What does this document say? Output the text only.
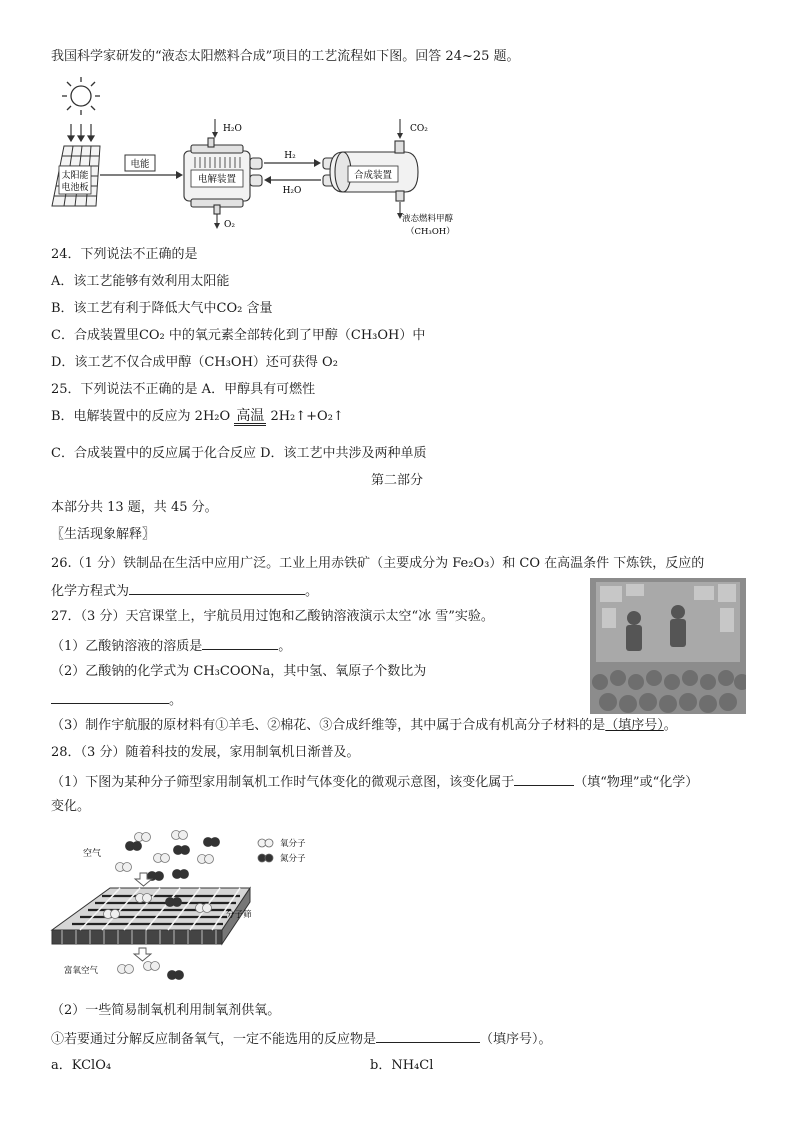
我国科学家研发的“液态太阳燃料合成”项目的工艺流程如下图。回答 24~25 题。
太阳能
电池板
电能
电解装置
H₂O
O₂
H₂
H₂O
合成装置
CO₂
液态燃料甲醇
（CH₃OH）
24．下列说法不正确的是
A．该工艺能够有效利用太阳能
B．该工艺有利于降低大气中CO₂ 含量
C．合成装置里CO₂ 中的氧元素全部转化到了甲醇（CH₃OH）中
D．该工艺不仅合成甲醇（CH₃OH）还可获得 O₂
25．下列说法不正确的是 A．甲醇具有可燃性
B．电解装置中的反应为 2H₂O 高温 2H₂↑+O₂↑
C．合成装置中的反应属于化合反应 D．该工艺中共涉及两种单质
第二部分
本部分共 13 题，共 45 分。
〖生活现象解释〗
26.（1 分）铁制品在生活中应用广泛。工业上用赤铁矿（主要成分为 Fe₂O₃）和 CO 在高温条件 下炼铁，反应的
化学方程式为	。
27．（3 分）天宫课堂上，宇航员用过饱和乙酸钠溶液演示太空“冰 雪”实验。
（1）乙酸钠溶液的溶质是	。
（2）乙酸钠的化学式为 CH₃COONa，其中氢、氧原子个数比为
。
（3）制作宇航服的原材料有①羊毛、②棉花、③合成纤维等，其中属于合成有机高分子材料的是（填序号）。
28．（3 分）随着科技的发展，家用制氧机日渐普及。
（1）下图为某种分子筛型家用制氧机工作时气体变化的微观示意图，该变化属于	（填“物理”或“化学）
变化。
空气
氧分子
氮分子
分子筛
富氧空气
（2）一些简易制氧机利用制氧剂供氧。
①若要通过分解反应制备氧气，一定不能选用的反应物是	（填序号）。
a．KClO₄	b．NH₄Cl
